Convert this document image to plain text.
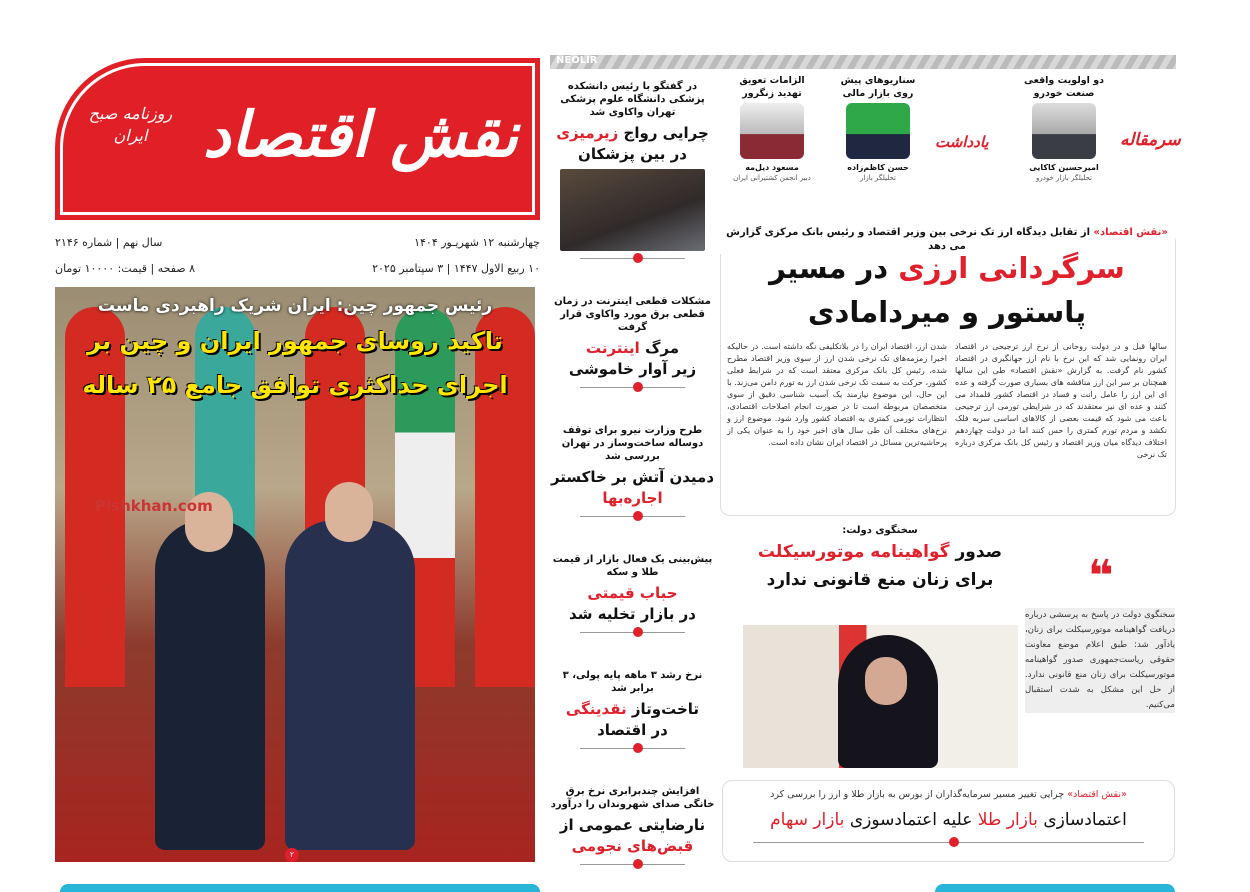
NEOLIR
نقش اقتصاد
روزنامه صبح ایران
چهارشنبه ۱۲ شهریـور ۱۴۰۴
۱۰ ربیع الاول ۱۴۴۷ | ۳ سپتامبر ۲۰۲۵
سال نهم | شماره ۲۱۴۶
۸ صفحه | قیمت: ۱۰۰۰۰ تومان
رئیس جمهور چین: ایران شریک راهبردی ماست
تاکید روسای جمهور ایران و چین بر
اجرای حداکثری توافق جامع ۲۵ ساله
Pishkhan.com
۲
در گفتگو با رئیس دانشکده پزشکی دانشگاه علوم پزشکی تهران واکاوی شد
چرایی رواج زیرمیزی
در بین پزشکان
مشکلات قطعی اینترنت در زمان قطعی برق مورد واکاوی قرار گرفت
مرگ اینترنت
زیر آوار خاموشی
طرح وزارت نیرو برای توقف دوساله ساخت‌وساز در تهران بررسی شد
دمیدن آتش بر خاکستر
اجاره‌بها
پیش‌بینی یک فعال بازار از قیمت طلا و سکه
حباب قیمتی
در بازار تخلیه شد
نرخ رشد ۳ ماهه پایه پولی، ۳ برابر شد
تاخت‌وتاز نقدینگی
در اقتصاد
افزایش چندبرابری نرخ برق خانگی صدای شهروندان را درآورد
نارضایتی عمومی از
قبض‌های نجومی
سرمقاله
یادداشت
دو اولویت واقعی صنعت خودرو
امیرحسین کاکایی
تحلیلگر بازار خودرو
سناریوهای پیش روی بازار مالی
حسن کاظم‌زاده
تحلیلگر بازار
الزامات تعویق تهدید زنگرور
مسعود دیل‌مه
دبیر انجمن کشتیرانی ایران
«نقش اقتصاد» از تقابل دیدگاه ارز تک نرخی بین وزیر اقتصاد و رئیس بانک مرکزی گزارش می دهد
سرگردانی ارزی در مسیر
پاستور و میردامادی
سالها قبل و در دولت روحانی از نرخ ارز ترجیحی در اقتصاد ایران رونمایی شد که این نرخ با نام ارز جهانگیری در اقتصاد کشور نام گرفت. به گزارش «نقش اقتصاد» طی این سالها همچنان بر سر این ارز مناقشه های بسیاری صورت گرفته و عده ای این ارز را عامل رانت و فساد در اقتصاد کشور قلمداد می کنند و عده ای نیز معتقدند که در شرایطی تورمی ارز ترجیحی باعث می شود که قیمت بعضی از کالاهای اساسی سربه فلک نکشد و مردم تورم کمتری را حس کنند اما در دولت چهاردهم اختلاف دیدگاه میان وزیر اقتصاد و رئیس کل بانک مرکزی درباره تک نرخی
شدن ارز، اقتصاد ایران را در بلاتکلیفی نگه داشته است. در حالیکه اخیرا زمزمه‌های تک نرخی شدن ارز از سوی وزیر اقتصاد مطرح شده، رئیس کل بانک مرکزی معتقد است که در شرایط فعلی کشور، حرکت به سمت تک نرخی شدن ارز به تورم دامن می‌زند. با این حال، این موضوع نیازمند یک آسیب شناسی دقیق از سوی متخصصان مربوطه است تا در صورت انجام اصلاحات اقتصادی، انتظارات تورمی کمتری به اقتصاد کشور وارد شود. موضوع ارز و نرخ‌های مختلف آن طی سال های اخیر خود را به عنوان یکی از پرحاشیه‌ترین مسائل در اقتصاد ایران نشان داده است.
سخنگوی دولت:
صدور گواهینامه موتورسیکلت
برای زنان منع قانونی ندارد	❝
سخنگوی دولت در پاسخ به پرسشی درباره دریافت گواهینامه موتورسیکلت برای زنان، یادآور شد: طبق اعلام موضع معاونت حقوقی ریاست‌جمهوری صدور گواهینامه موتورسیکلت برای زنان منع قانونی ندارد. از حل این مشکل به شدت استقبال می‌کنیم.
«نقش اقتصاد» چرایی تغییر مسیر سرمایه‌گذاران از بورس به بازار طلا و ارز را بررسی کرد
اعتمادسازی بازار طلا علیه اعتمادسوزی بازار سهام
